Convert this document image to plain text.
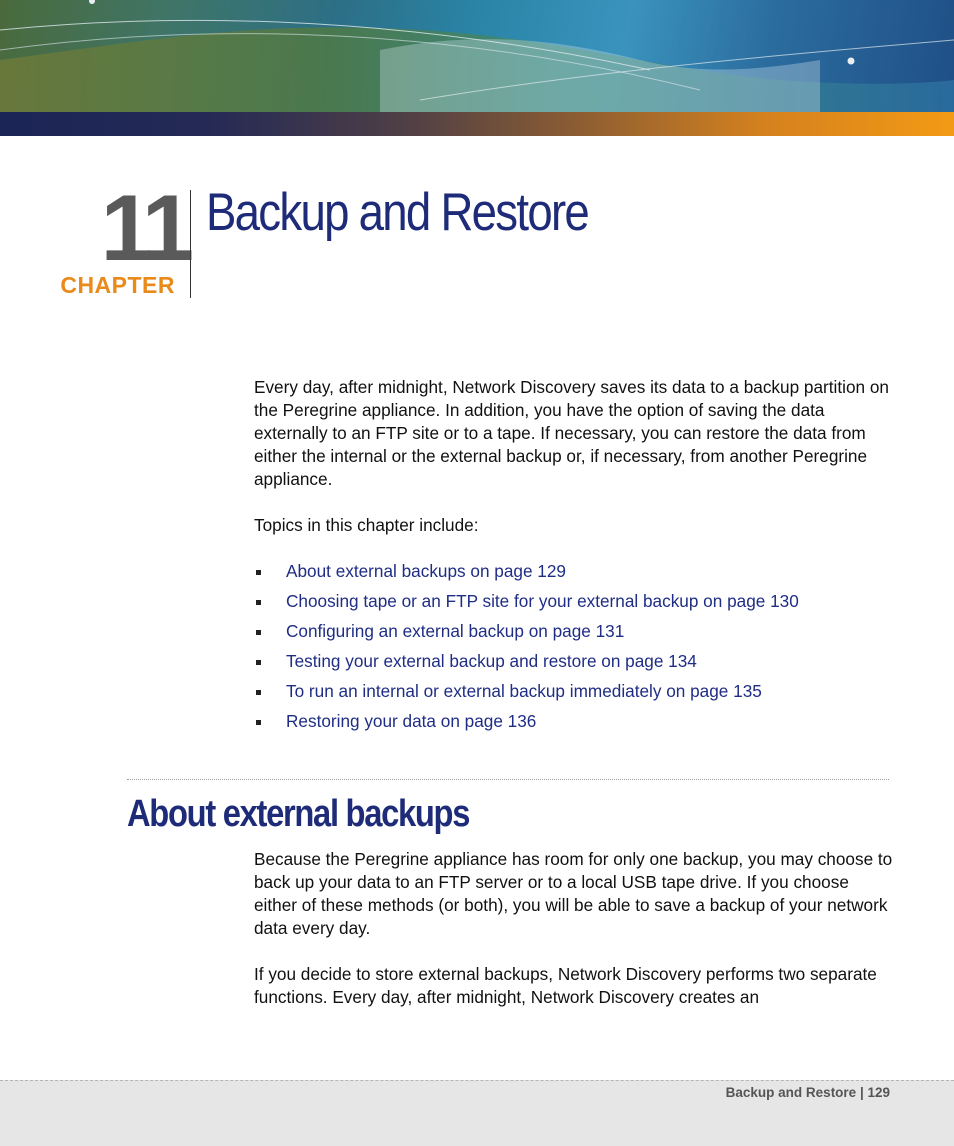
11
CHAPTER
Backup and Restore

Every day, after midnight, Network Discovery saves its data to a backup partition on the Peregrine appliance. In addition, you have the option of saving the data externally to an FTP site or to a tape. If necessary, you can restore the data from either the internal or the external backup or, if necessary, from another Peregrine appliance.

Topics in this chapter include:

About external backups on page 129
Choosing tape or an FTP site for your external backup on page 130
Configuring an external backup on page 131
Testing your external backup and restore on page 134
To run an internal or external backup immediately on page 135
Restoring your data on page 136
About external backups

Because the Peregrine appliance has room for only one backup, you may choose to back up your data to an FTP server or to a local USB tape drive. If you choose either of these methods (or both), you will be able to save a backup of your network data every day.

If you decide to store external backups, Network Discovery performs two separate functions. Every day, after midnight, Network Discovery creates an

Backup and Restore | 129
